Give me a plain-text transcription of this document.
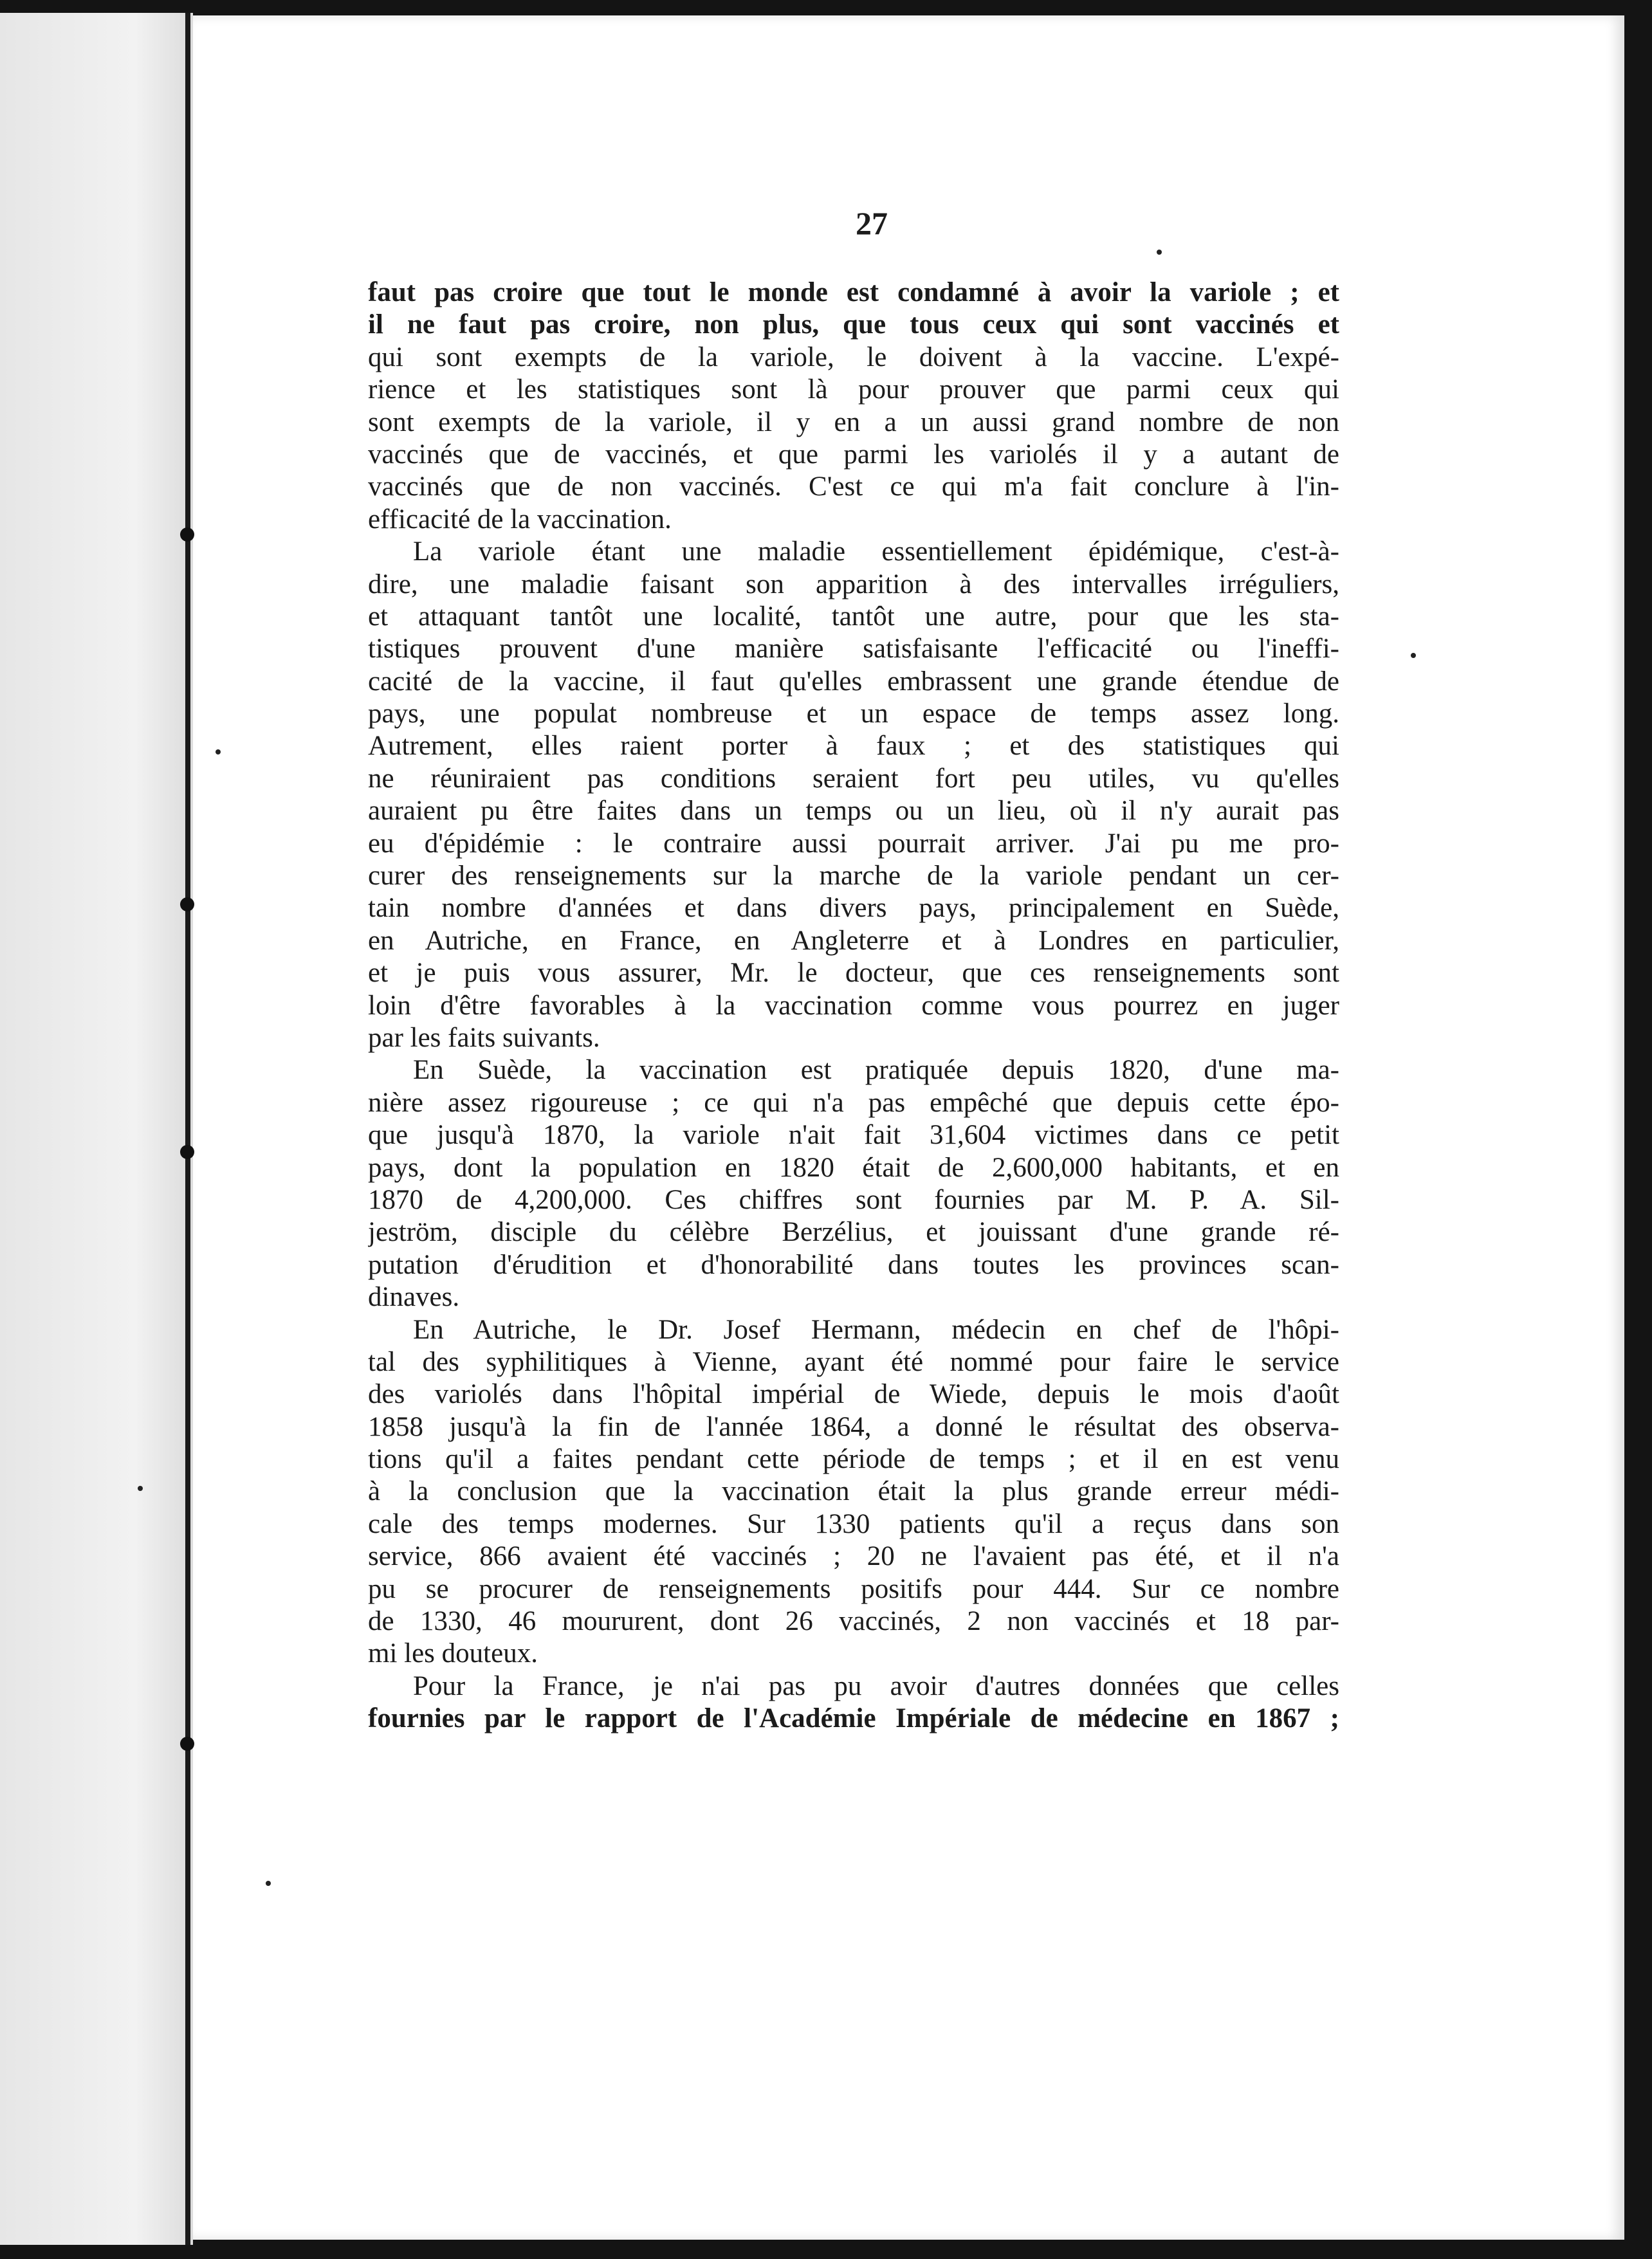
27
faut pas croire que tout le monde est condamné à avoir la variole ; et
il ne faut pas croire, non plus, que tous ceux qui sont vaccinés et
qui sont exempts de la variole, le doivent à la vaccine. L'expé-
rience et les statistiques sont là pour prouver que parmi ceux qui
sont exempts de la variole, il y en a un aussi grand nombre de non
vaccinés que de vaccinés, et que parmi les variolés il y a autant de
vaccinés que de non vaccinés. C'est ce qui m'a fait conclure à l'in-
efficacité de la vaccination.
La variole étant une maladie essentiellement épidémique, c'est-à-
dire, une maladie faisant son apparition à des intervalles irréguliers,
et attaquant tantôt une localité, tantôt une autre, pour que les sta-
tistiques prouvent d'une manière satisfaisante l'efficacité ou l'ineffi-
cacité de la vaccine, il faut qu'elles embrassent une grande étendue de
pays, une populat nombreuse et un espace de temps assez long.
Autrement, elles raient porter à faux ; et des statistiques qui
ne réuniraient pas conditions seraient fort peu utiles, vu qu'elles
auraient pu être faites dans un temps ou un lieu, où il n'y aurait pas
eu d'épidémie : le contraire aussi pourrait arriver. J'ai pu me pro-
curer des renseignements sur la marche de la variole pendant un cer-
tain nombre d'années et dans divers pays, principalement en Suède,
en Autriche, en France, en Angleterre et à Londres en particulier,
et je puis vous assurer, Mr. le docteur, que ces renseignements sont
loin d'être favorables à la vaccination comme vous pourrez en juger
par les faits suivants.
En Suède, la vaccination est pratiquée depuis 1820, d'une ma-
nière assez rigoureuse ; ce qui n'a pas empêché que depuis cette épo-
que jusqu'à 1870, la variole n'ait fait 31,604 victimes dans ce petit
pays, dont la population en 1820 était de 2,600,000 habitants, et en
1870 de 4,200,000. Ces chiffres sont fournies par M. P. A. Sil-
jeström, disciple du célèbre Berzélius, et jouissant d'une grande ré-
putation d'érudition et d'honorabilité dans toutes les provinces scan-
dinaves.
En Autriche, le Dr. Josef Hermann, médecin en chef de l'hôpi-
tal des syphilitiques à Vienne, ayant été nommé pour faire le service
des variolés dans l'hôpital impérial de Wiede, depuis le mois d'août
1858 jusqu'à la fin de l'année 1864, a donné le résultat des observa-
tions qu'il a faites pendant cette période de temps ; et il en est venu
à la conclusion que la vaccination était la plus grande erreur médi-
cale des temps modernes. Sur 1330 patients qu'il a reçus dans son
service, 866 avaient été vaccinés ; 20 ne l'avaient pas été, et il n'a
pu se procurer de renseignements positifs pour 444. Sur ce nombre
de 1330, 46 moururent, dont 26 vaccinés, 2 non vaccinés et 18 par-
mi les douteux.
Pour la France, je n'ai pas pu avoir d'autres données que celles
fournies par le rapport de l'Académie Impériale de médecine en 1867 ;
